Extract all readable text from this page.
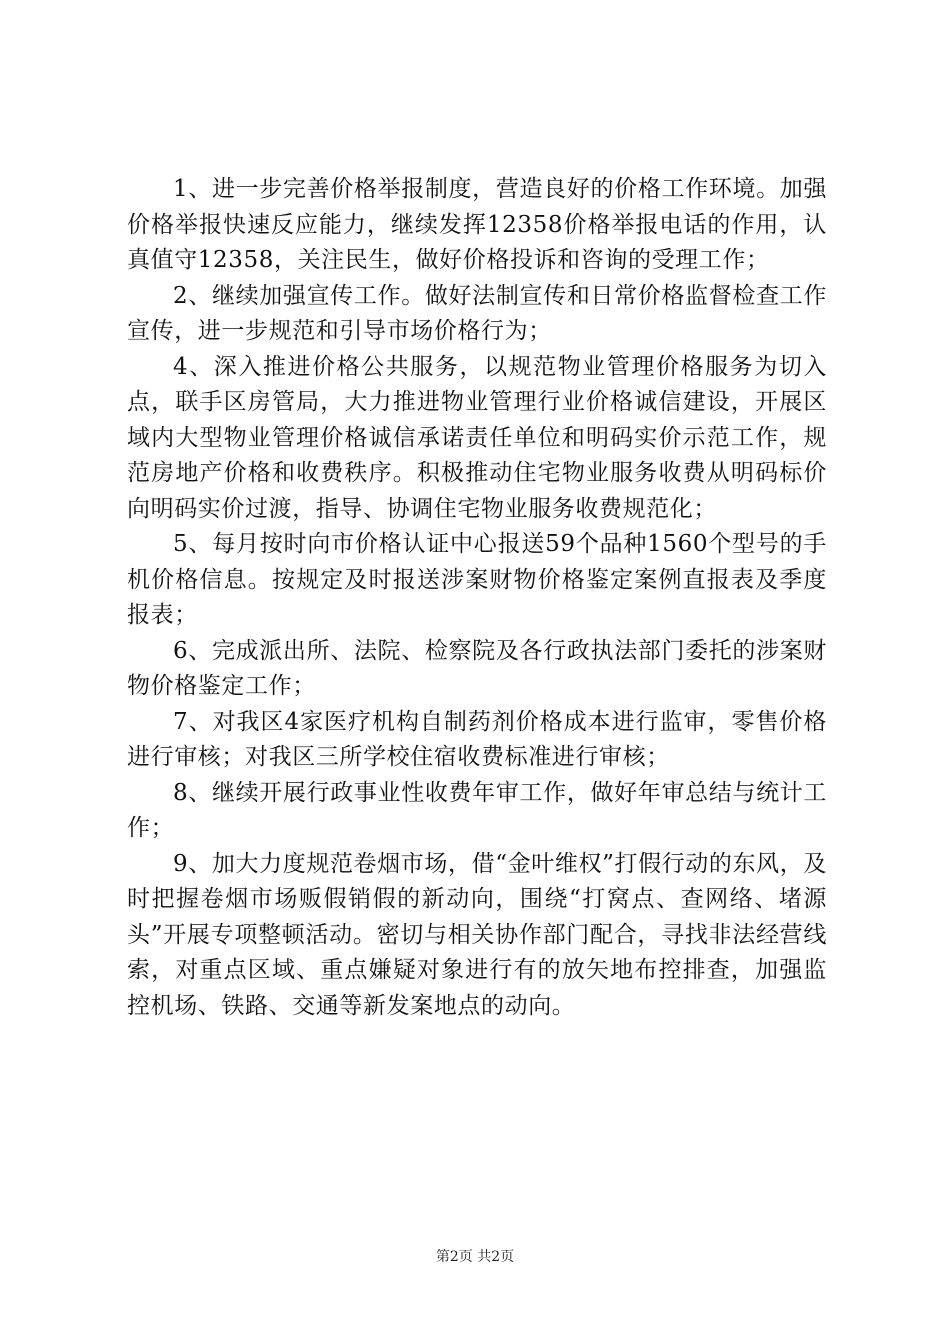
1、进一步完善价格举报制度，营造良好的价格工作环境。加强价格举报快速反应能力，继续发挥12358价格举报电话的作用，认真值守12358，关注民生，做好价格投诉和咨询的受理工作；

2、继续加强宣传工作。做好法制宣传和日常价格监督检查工作宣传，进一步规范和引导市场价格行为；

4、深入推进价格公共服务，以规范物业管理价格服务为切入点，联手区房管局，大力推进物业管理行业价格诚信建设，开展区域内大型物业管理价格诚信承诺责任单位和明码实价示范工作，规范房地产价格和收费秩序。积极推动住宅物业服务收费从明码标价向明码实价过渡，指导、协调住宅物业服务收费规范化；

5、每月按时向市价格认证中心报送59个品种1560个型号的手机价格信息。按规定及时报送涉案财物价格鉴定案例直报表及季度报表；

6、完成派出所、法院、检察院及各行政执法部门委托的涉案财物价格鉴定工作；

7、对我区4家医疗机构自制药剂价格成本进行监审，零售价格进行审核；对我区三所学校住宿收费标准进行审核；

8、继续开展行政事业性收费年审工作，做好年审总结与统计工作；

9、加大力度规范卷烟市场，借“金叶维权”打假行动的东风，及时把握卷烟市场贩假销假的新动向，围绕“打窝点、查网络、堵源头”开展专项整顿活动。密切与相关协作部门配合，寻找非法经营线索，对重点区域、重点嫌疑对象进行有的放矢地布控排查，加强监控机场、铁路、交通等新发案地点的动向。

第2页 共2页
